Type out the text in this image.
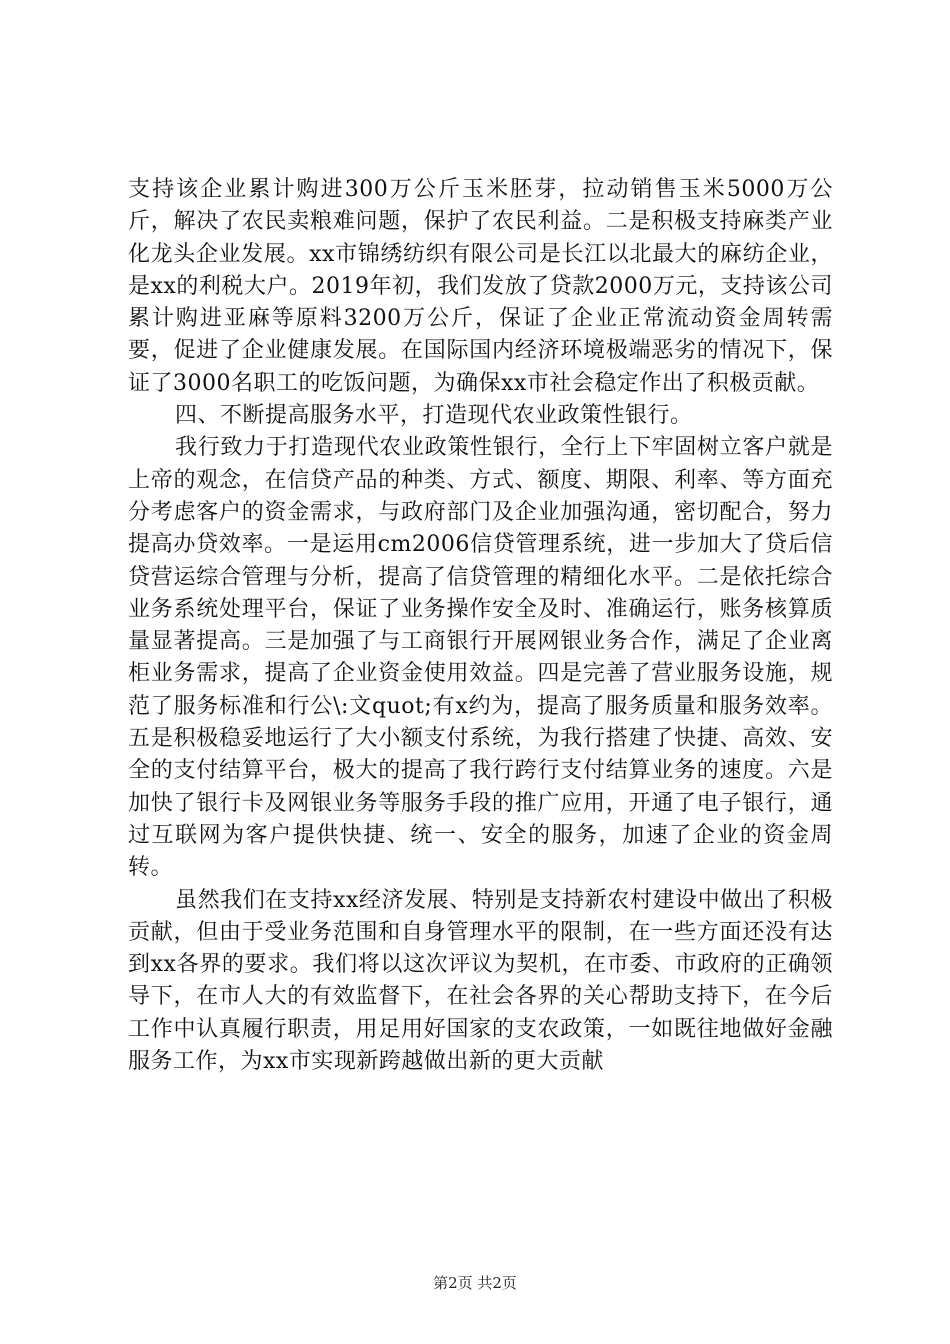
支持该企业累计购进300万公斤玉米胚芽，拉动销售玉米5000万公斤，解决了农民卖粮难问题，保护了农民利益。二是积极支持麻类产业化龙头企业发展。xx市锦绣纺织有限公司是长江以北最大的麻纺企业，是xx的利税大户。2019年初，我们发放了贷款2000万元，支持该公司累计购进亚麻等原料3200万公斤，保证了企业正常流动资金周转需要，促进了企业健康发展。在国际国内经济环境极端恶劣的情况下，保证了3000名职工的吃饭问题，为确保xx市社会稳定作出了积极贡献。

四、不断提高服务水平，打造现代农业政策性银行。

我行致力于打造现代农业政策性银行，全行上下牢固树立客户就是上帝的观念，在信贷产品的种类、方式、额度、期限、利率、等方面充分考虑客户的资金需求，与政府部门及企业加强沟通，密切配合，努力提高办贷效率。一是运用cm2006信贷管理系统，进一步加大了贷后信贷营运综合管理与分析，提高了信贷管理的精细化水平。二是依托综合业务系统处理平台，保证了业务操作安全及时、准确运行，账务核算质量显著提高。三是加强了与工商银行开展网银业务合作，满足了企业离柜业务需求，提高了企业资金使用效益。四是完善了营业服务设施，规范了服务标准和行公\:文quot;有x约为，提高了服务质量和服务效率。五是积极稳妥地运行了大小额支付系统，为我行搭建了快捷、高效、安全的支付结算平台，极大的提高了我行跨行支付结算业务的速度。六是加快了银行卡及网银业务等服务手段的推广应用，开通了电子银行，通过互联网为客户提供快捷、统一、安全的服务，加速了企业的资金周转。

虽然我们在支持xx经济发展、特别是支持新农村建设中做出了积极贡献，但由于受业务范围和自身管理水平的限制，在一些方面还没有达到xx各界的要求。我们将以这次评议为契机，在市委、市政府的正确领导下，在市人大的有效监督下，在社会各界的关心帮助支持下，在今后工作中认真履行职责，用足用好国家的支农政策，一如既往地做好金融服务工作，为xx市实现新跨越做出新的更大贡献

第2页 共2页
